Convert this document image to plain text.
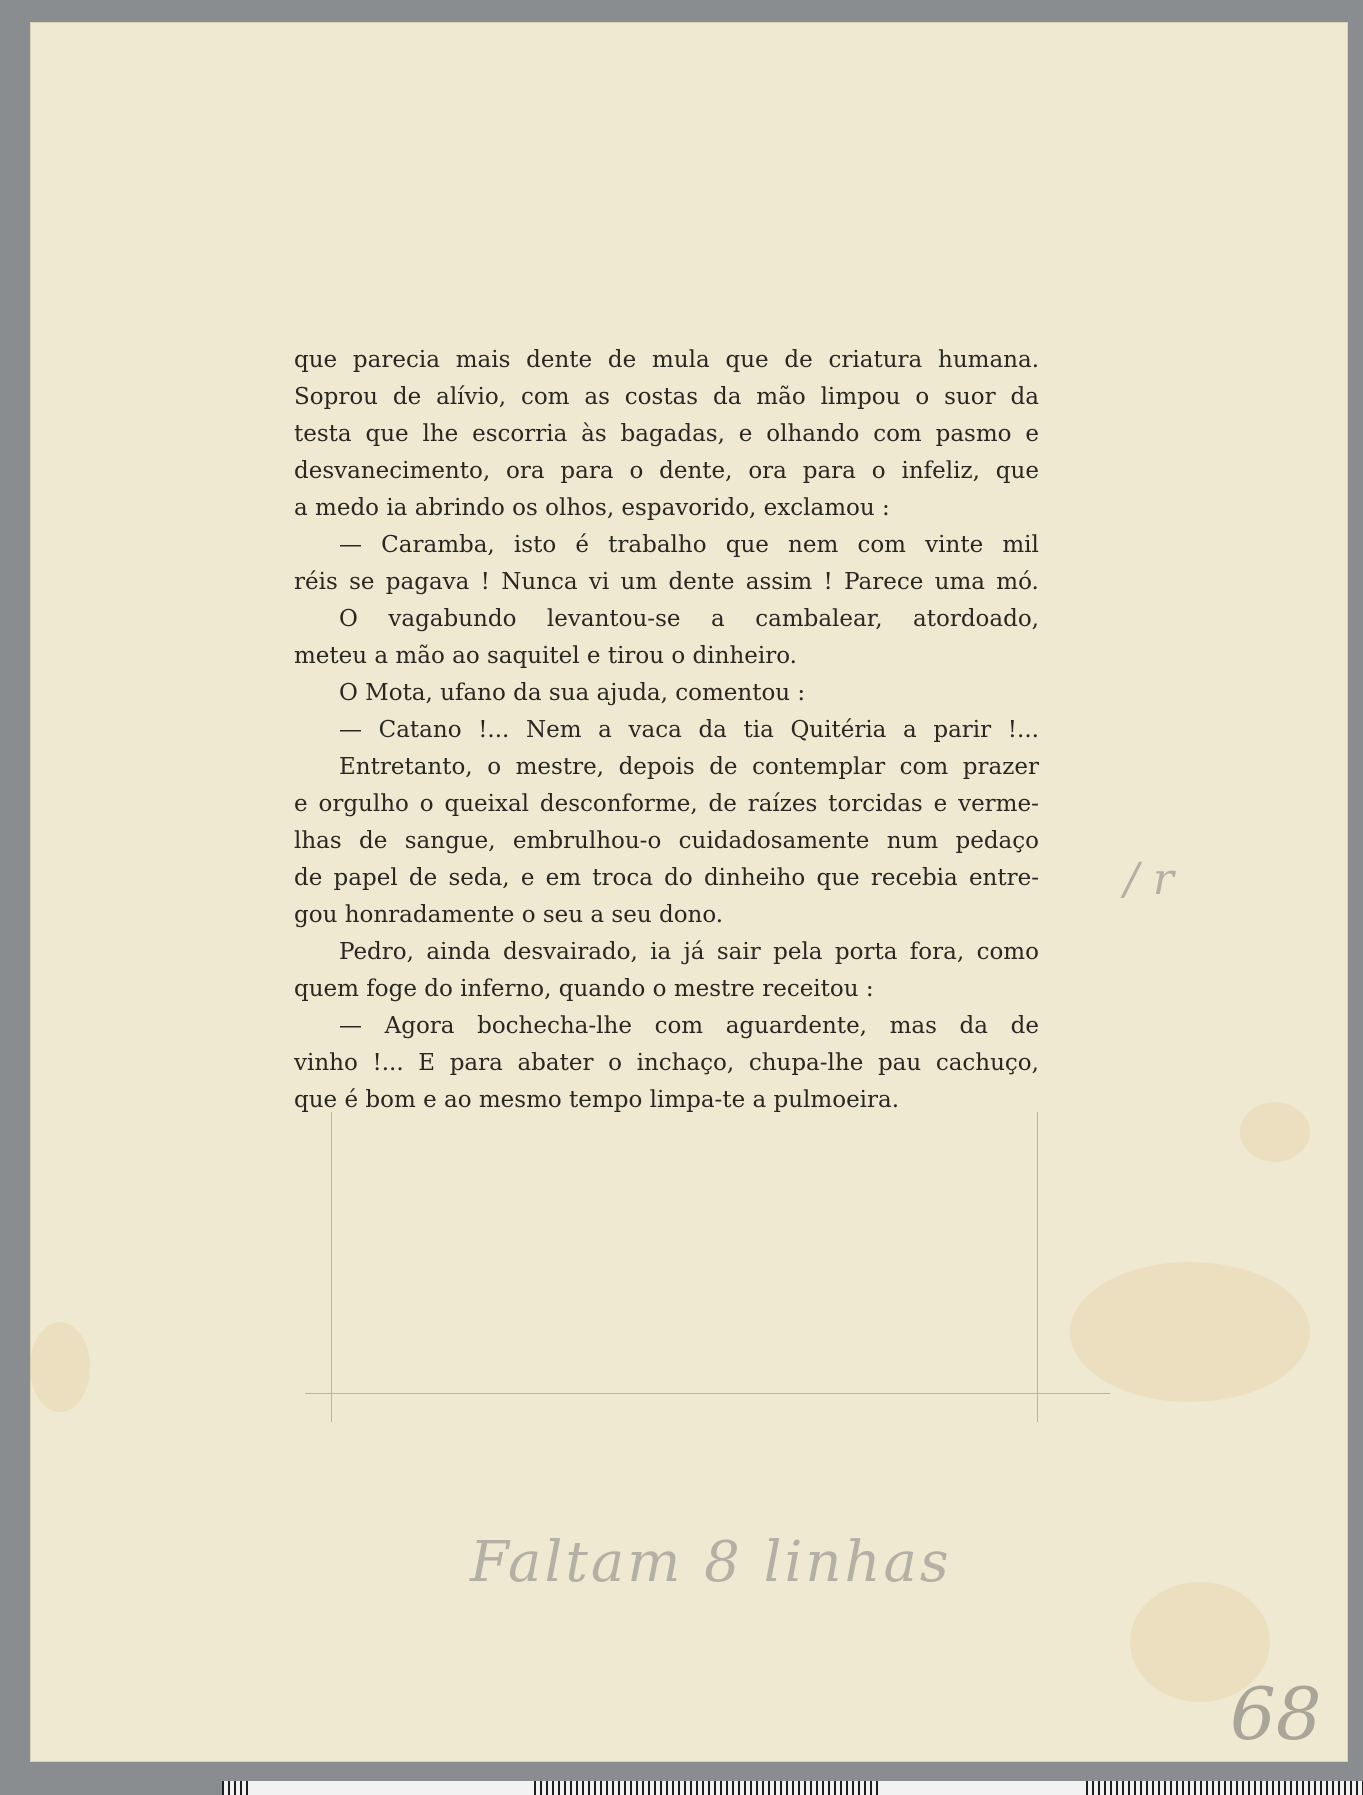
/ r
Faltam 8 linhas
68
que parecia mais dente de mula que de criatura humana.
Soprou de alívio, com as costas da mão limpou o suor da
testa que lhe escorria às bagadas, e olhando com pasmo e
desvanecimento, ora para o dente, ora para o infeliz, que
a medo ia abrindo os olhos, espavorido, exclamou :
— Caramba, isto é trabalho que nem com vinte mil
réis se pagava ! Nunca vi um dente assim ! Parece uma mó.
O vagabundo levantou-se a cambalear, atordoado,
meteu a mão ao saquitel e tirou o dinheiro.
O Mota, ufano da sua ajuda, comentou :
— Catano !... Nem a vaca da tia Quitéria a parir !...
Entretanto, o mestre, depois de contemplar com prazer
e orgulho o queixal desconforme, de raízes torcidas e verme-
lhas de sangue, embrulhou-o cuidadosamente num pedaço
de papel de seda, e em troca do dinheiho que recebia entre-
gou honradamente o seu a seu dono.
Pedro, ainda desvairado, ia já sair pela porta fora, como
quem foge do inferno, quando o mestre receitou :
— Agora bochecha-lhe com aguardente, mas da de
vinho !... E para abater o inchaço, chupa-lhe pau cachuço,
que é bom e ao mesmo tempo limpa-te a pulmoeira.
